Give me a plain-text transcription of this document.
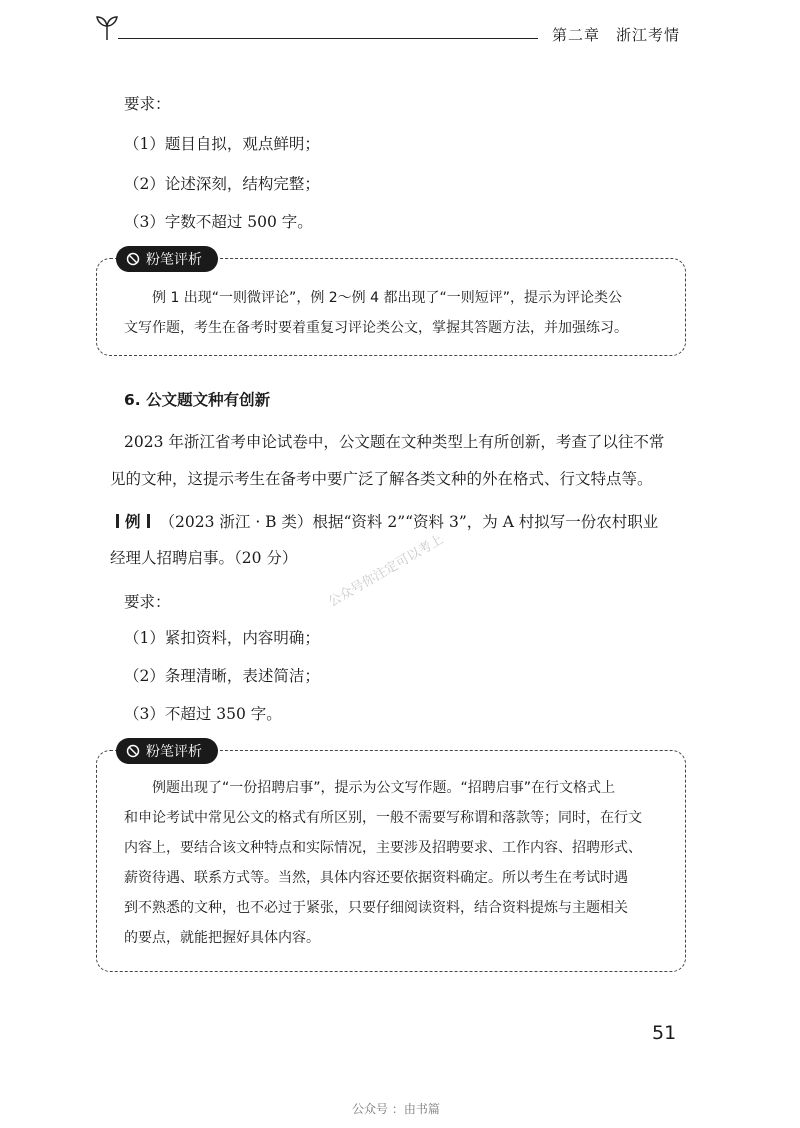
第二章　浙江考情
要求：
（1）题目自拟，观点鲜明；
（2）论述深刻，结构完整；
（3）字数不超过 500 字。
粉笔评析
例 1 出现“一则微评论”，例 2～例 4 都出现了“一则短评”，提示为评论类公
文写作题，考生在备考时要着重复习评论类公文，掌握其答题方法，并加强练习。
6. 公文题文种有创新
2023 年浙江省考申论试卷中，公文题在文种类型上有所创新，考查了以往不常
见的文种，这提示考生在备考中要广泛了解各类文种的外在格式、行文特点等。
例 （2023 浙江 · B 类）根据“资料 2”“资料 3”，为 A 村拟写一份农村职业
经理人招聘启事。（20 分）
要求：
（1）紧扣资料，内容明确；
（2）条理清晰，表述简洁；
（3）不超过 350 字。
粉笔评析
例题出现了“一份招聘启事”，提示为公文写作题。“招聘启事”在行文格式上
和申论考试中常见公文的格式有所区别，一般不需要写称谓和落款等；同时，在行文
内容上，要结合该文种特点和实际情况，主要涉及招聘要求、工作内容、招聘形式、
薪资待遇、联系方式等。当然，具体内容还要依据资料确定。所以考生在考试时遇
到不熟悉的文种，也不必过于紧张，只要仔细阅读资料，结合资料提炼与主题相关
的要点，就能把握好具体内容。
公众号你注定可以考上
51
公众号 ：由书篇
